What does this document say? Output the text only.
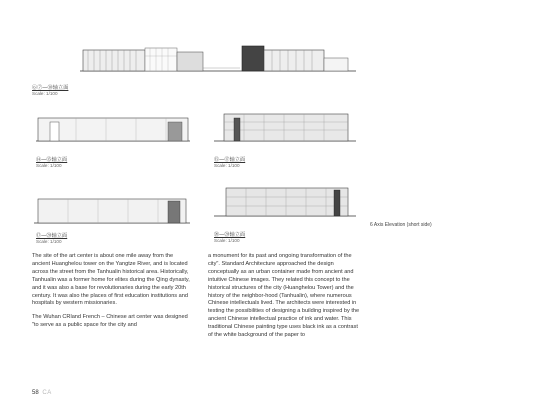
⑥⑦—⑩轴立面
Scale: 1/100
⑭—⑮轴立面
Scale: 1/100
⑮—⑰轴立面
Scale: 1/100
⑰—⑳轴立面
Scale: 1/100
⑳—⑳轴立面
Scale: 1/100
6 Axis Elevation (short side)

The site of the art center is about one mile away from the ancient Huanghelou tower on the Yangtze River, and is located across the street from the Tanhualin historical area. Historically, Tanhualin was a former home for elites during the Qing dynasty, and it was also a base for revolutionaries during the early 20th century. It was also the places of first education institutions and hospitals by western missionaries.

The Wuhan CRland French – Chinese art center was designed "to serve as a public space for the city and

a monument for its past and ongoing transformation of the city". Standard Architecture approached the design conceptually as an urban container made from ancient and intuitive Chinese images. They related this concept to the historical structures of the city (Huanghelou Tower) and the history of the neighbor-hood (Tanhualin), where numerous Chinese intellectuals lived. The architects were interested in testing the possibilities of designing a building inspired by the ancient Chinese intellectual practice of ink and water. This traditional Chinese painting type uses black ink as a contrast of the white background of the paper to

58 CA
